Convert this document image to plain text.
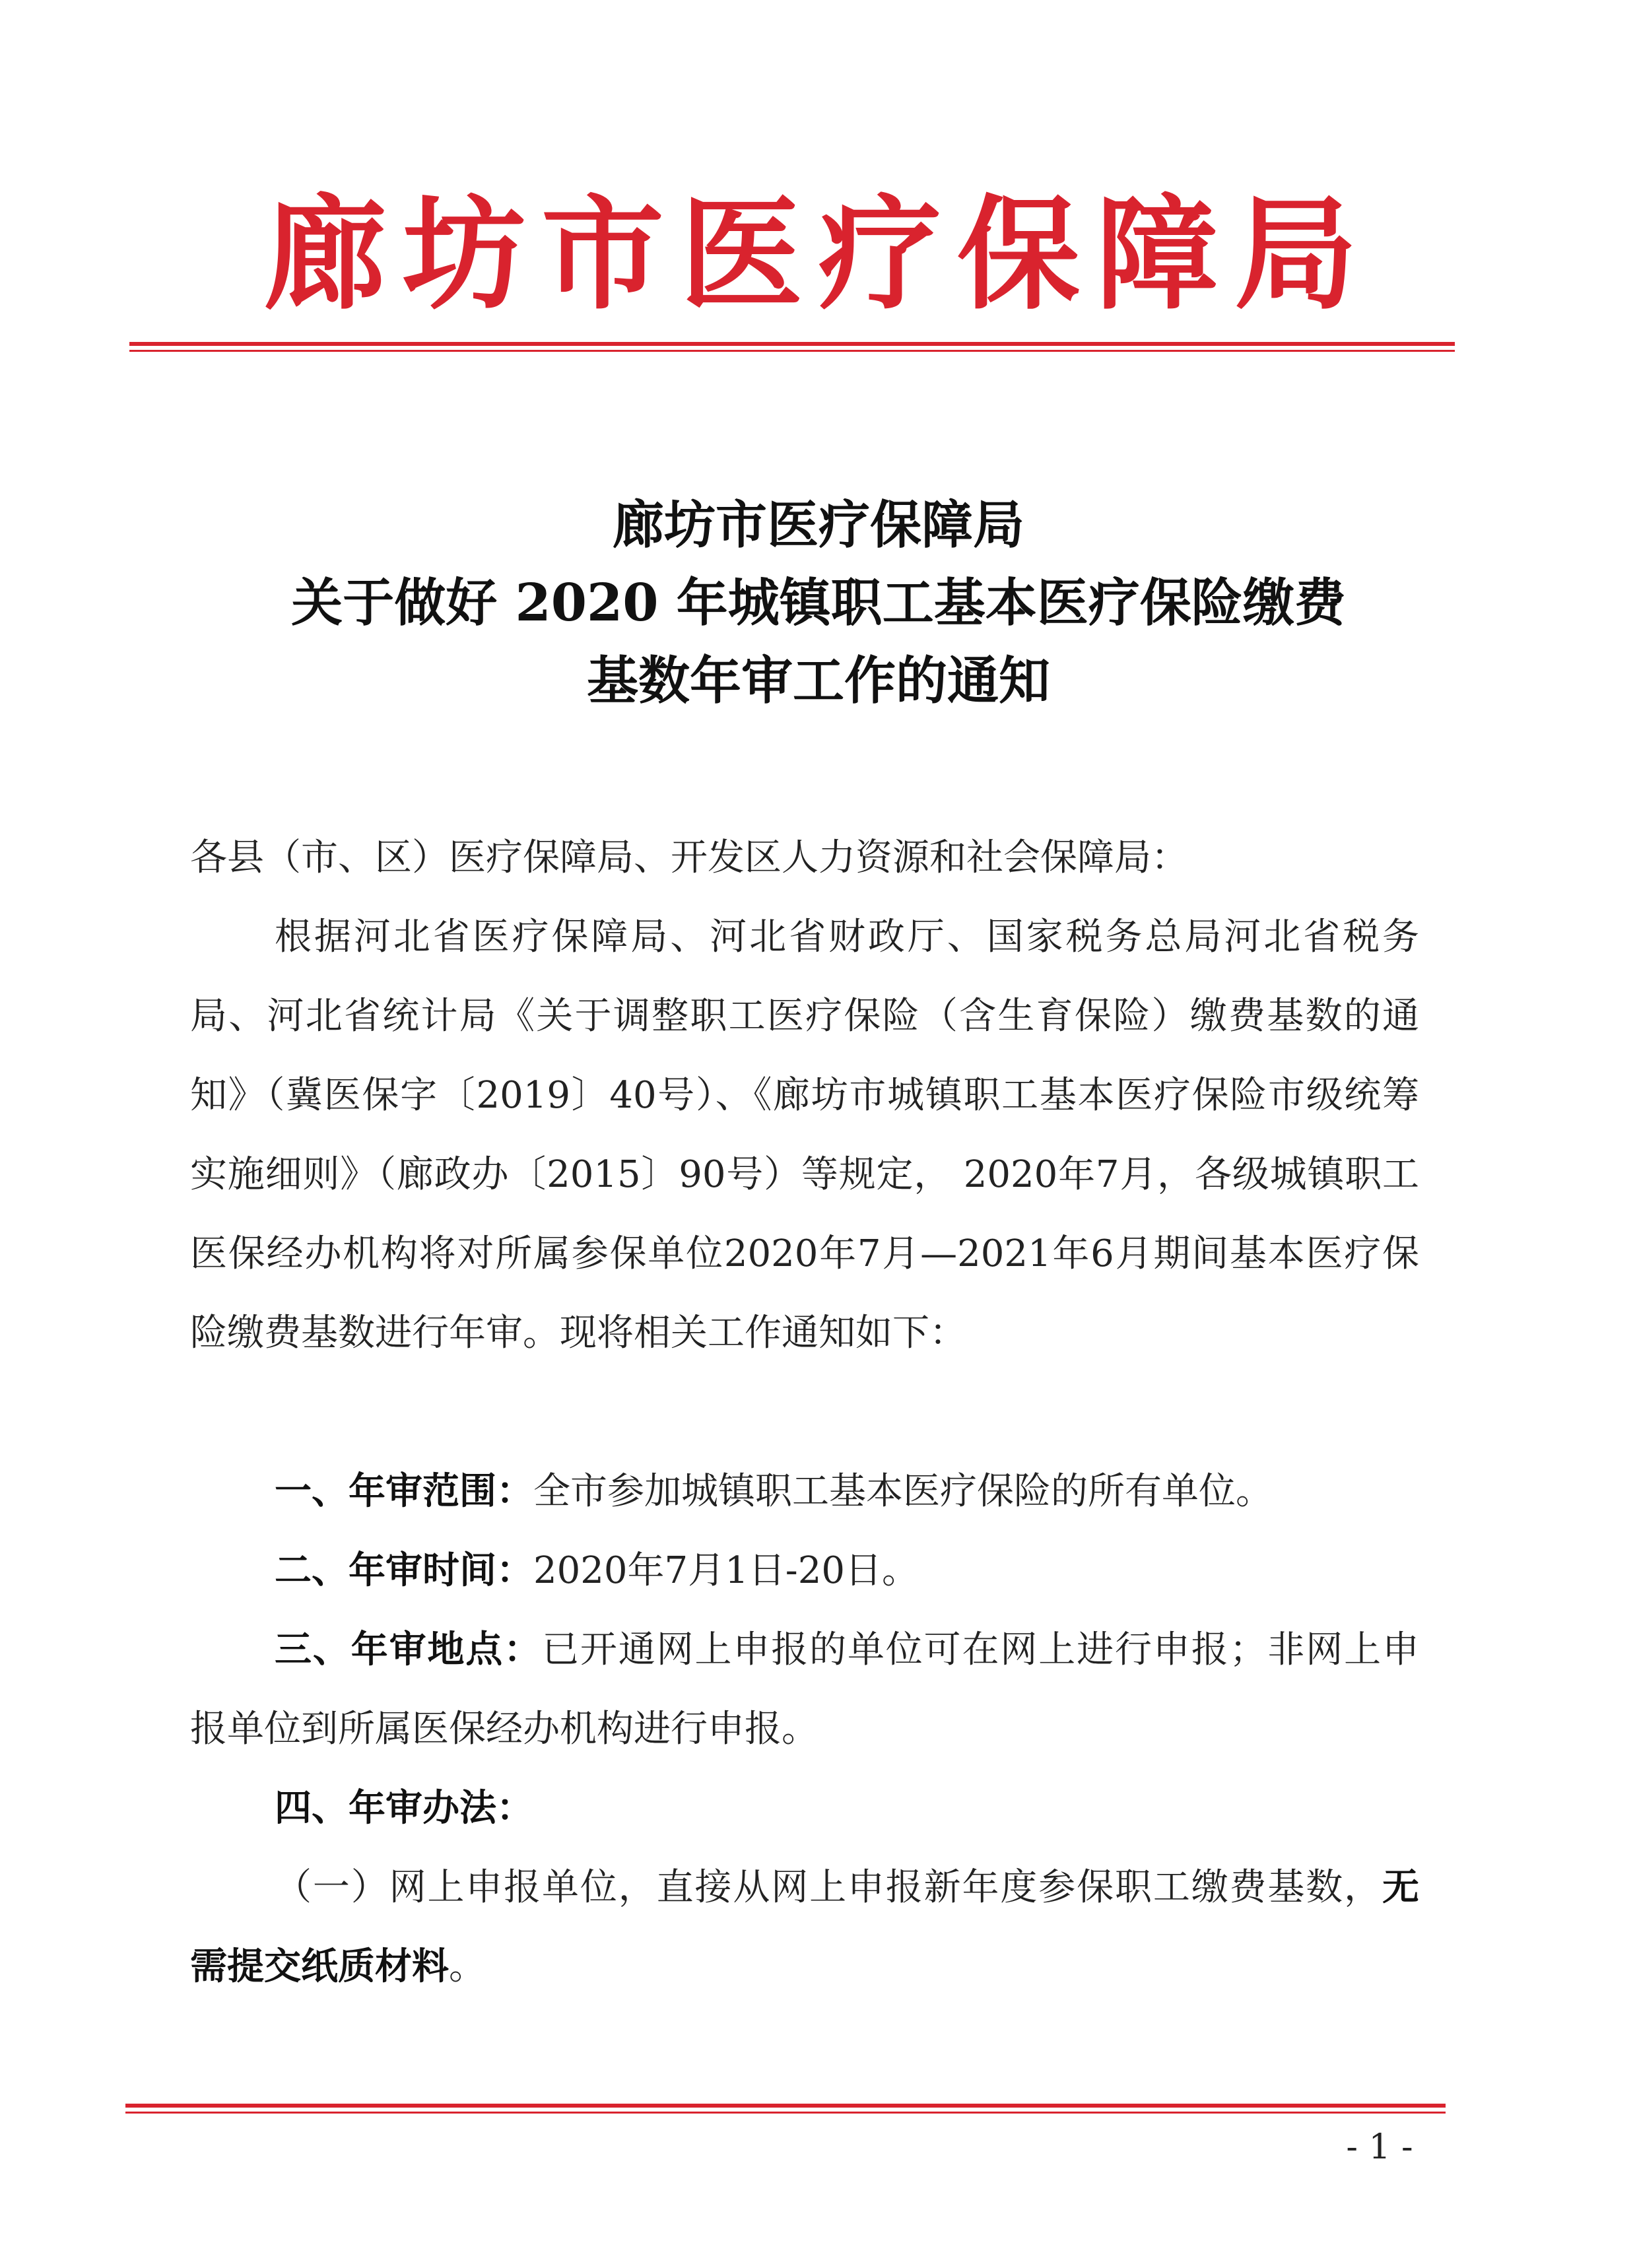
廊坊市医疗保障局
廊坊市医疗保障局
关于做好 2020 年城镇职工基本医疗保险缴费
基数年审工作的通知
各县（市、区）医疗保障局、开发区人力资源和社会保障局：
根据河北省医疗保障局、河北省财政厅、国家税务总局河北省税务局、河北省统计局《关于调整职工医疗保险（含生育保险）缴费基数的通知》（冀医保字〔2019〕40号）、《廊坊市城镇职工基本医疗保险市级统筹实施细则》（廊政办〔2015〕90号）等规定， 2020年7月，各级城镇职工医保经办机构将对所属参保单位2020年7月—2021年6月期间基本医疗保险缴费基数进行年审。现将相关工作通知如下：
一、年审范围：全市参加城镇职工基本医疗保险的所有单位。
二、年审时间：2020年7月1日-20日。
三、年审地点：已开通网上申报的单位可在网上进行申报；非网上申报单位到所属医保经办机构进行申报。
四、年审办法：
（一）网上申报单位，直接从网上申报新年度参保职工缴费基数，无需提交纸质材料。
- 1 -
